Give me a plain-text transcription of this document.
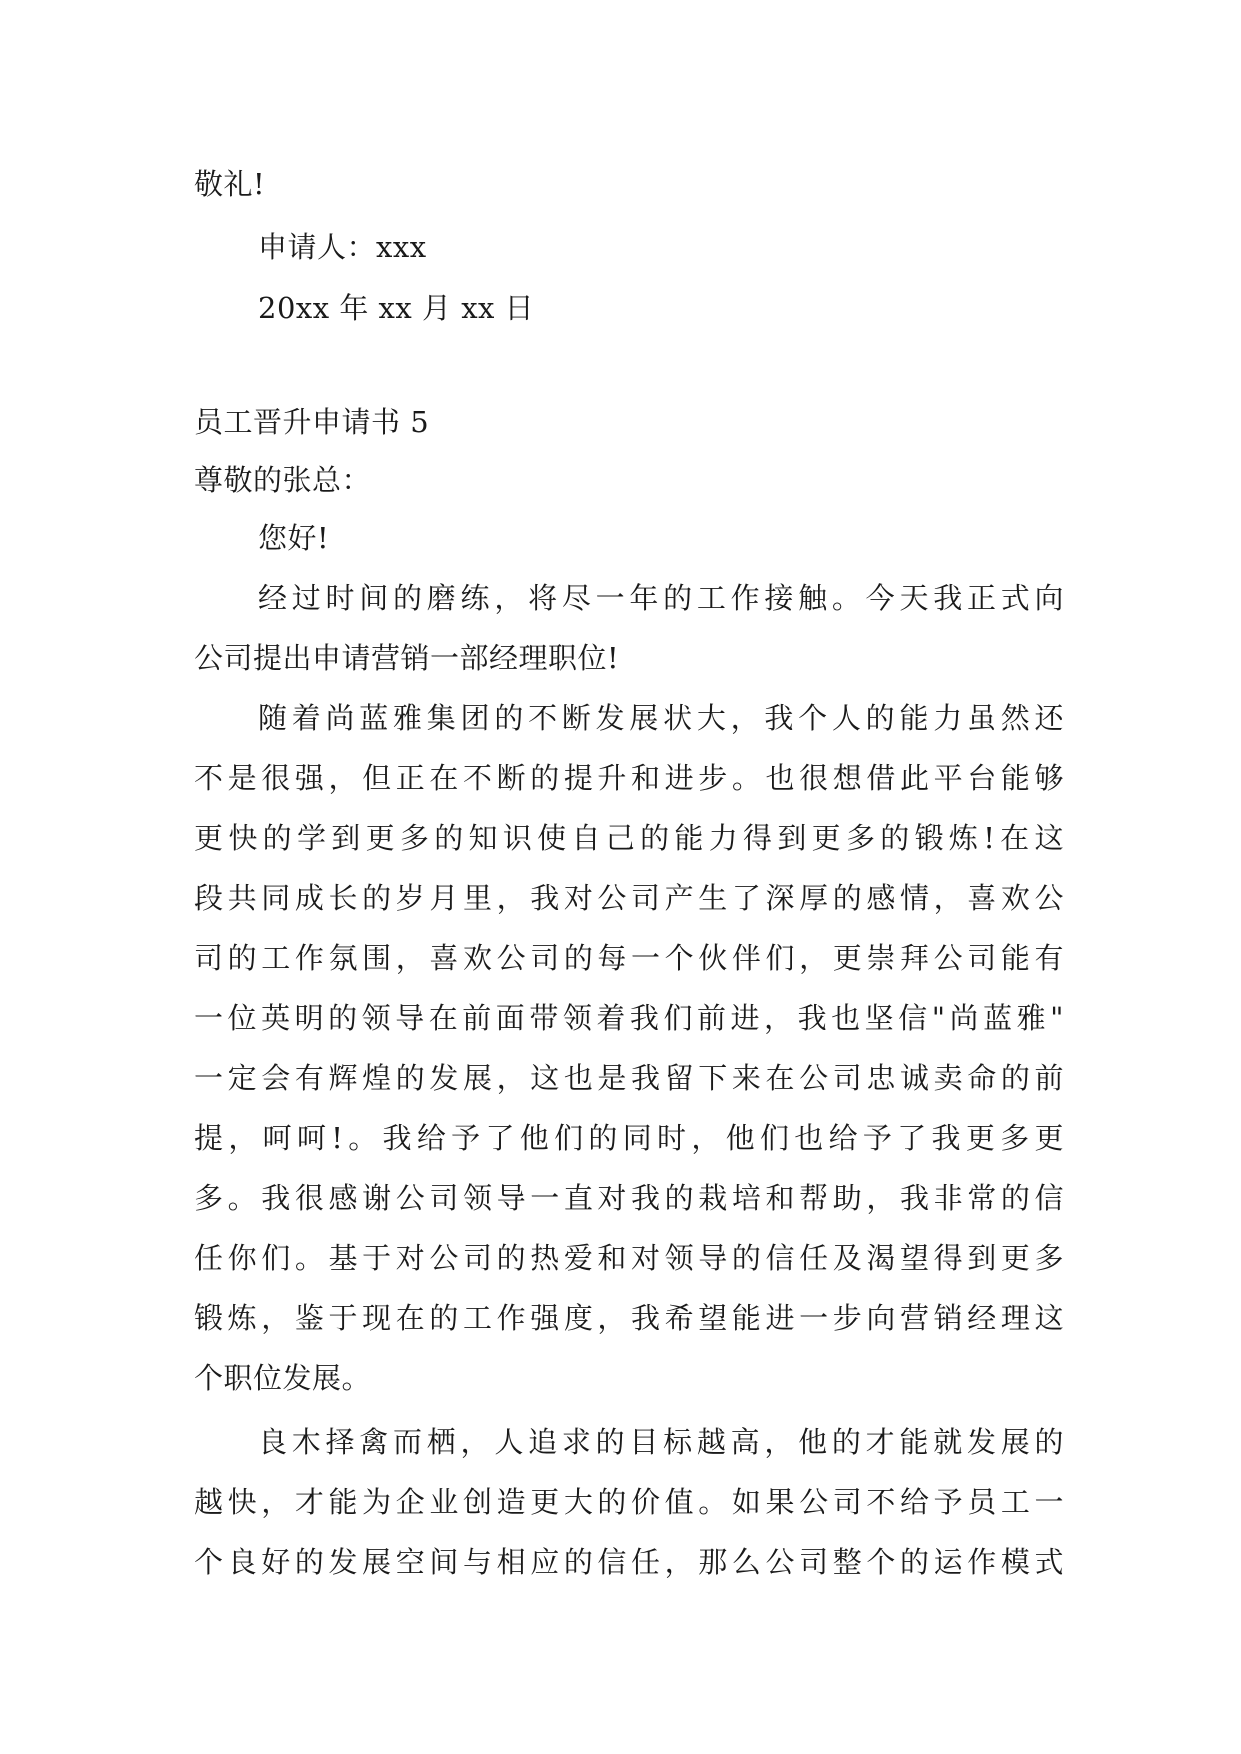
敬礼!
申请人：xxx
20xx 年 xx 月 xx 日
员工晋升申请书 5
尊敬的张总：
您好!
经过时间的磨练，将尽一年的工作接触。今天我正式向
公司提出申请营销一部经理职位!
随着尚蓝雅集团的不断发展状大，我个人的能力虽然还
不是很强，但正在不断的提升和进步。也很想借此平台能够
更快的学到更多的知识使自己的能力得到更多的锻炼!在这
段共同成长的岁月里，我对公司产生了深厚的感情，喜欢公
司的工作氛围，喜欢公司的每一个伙伴们，更崇拜公司能有
一位英明的领导在前面带领着我们前进，我也坚信"尚蓝雅"
一定会有辉煌的发展，这也是我留下来在公司忠诚卖命的前
提，呵呵!。我给予了他们的同时，他们也给予了我更多更
多。我很感谢公司领导一直对我的栽培和帮助，我非常的信
任你们。基于对公司的热爱和对领导的信任及渴望得到更多
锻炼，鉴于现在的工作强度，我希望能进一步向营销经理这
个职位发展。
良木择禽而栖，人追求的目标越高，他的才能就发展的
越快，才能为企业创造更大的价值。如果公司不给予员工一
个良好的发展空间与相应的信任，那么公司整个的运作模式
